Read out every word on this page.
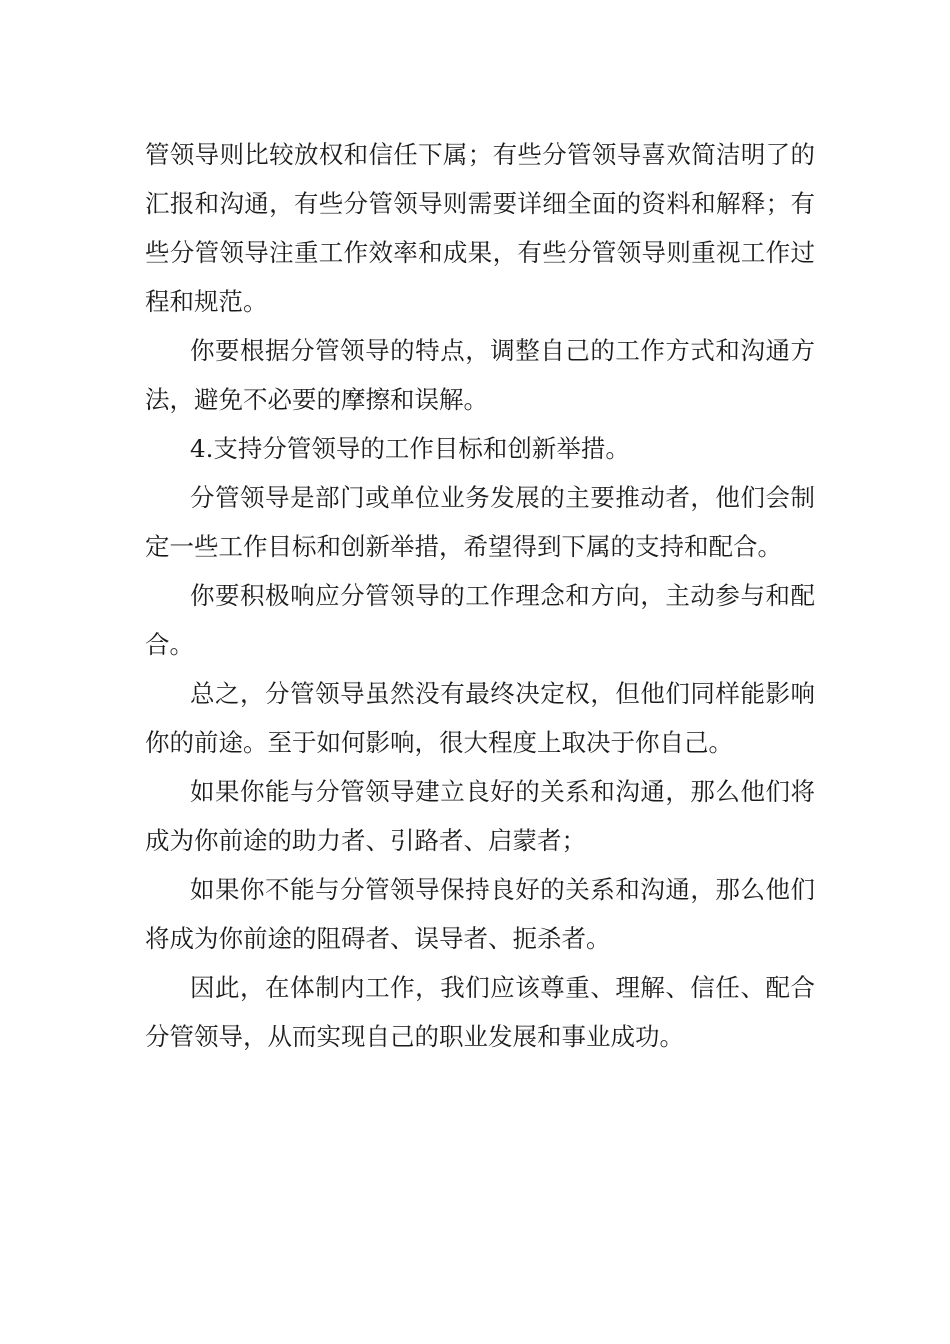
管领导则比较放权和信任下属；有些分管领导喜欢简洁明了的汇报和沟通，有些分管领导则需要详细全面的资料和解释；有些分管领导注重工作效率和成果，有些分管领导则重视工作过程和规范。

你要根据分管领导的特点，调整自己的工作方式和沟通方法，避免不必要的摩擦和误解。

4.支持分管领导的工作目标和创新举措。

分管领导是部门或单位业务发展的主要推动者，他们会制定一些工作目标和创新举措，希望得到下属的支持和配合。

你要积极响应分管领导的工作理念和方向，主动参与和配合。

总之，分管领导虽然没有最终决定权，但他们同样能影响你的前途。至于如何影响，很大程度上取决于你自己。

如果你能与分管领导建立良好的关系和沟通，那么他们将成为你前途的助力者、引路者、启蒙者；

如果你不能与分管领导保持良好的关系和沟通，那么他们将成为你前途的阻碍者、误导者、扼杀者。

因此，在体制内工作，我们应该尊重、理解、信任、配合分管领导，从而实现自己的职业发展和事业成功。
